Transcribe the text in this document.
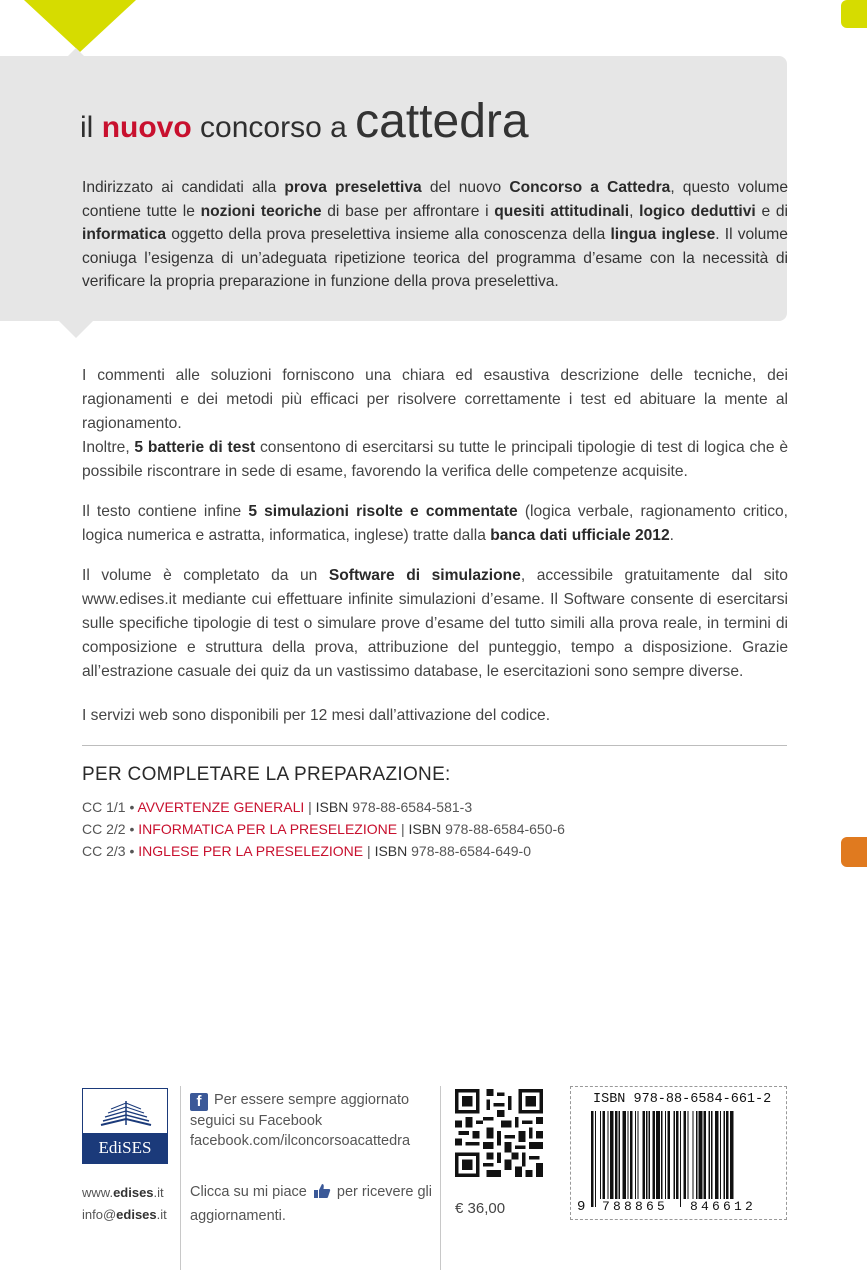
il nuovo concorso a cattedra

Indirizzato ai candidati alla prova preselettiva del nuovo Concorso a Cattedra, questo volume contiene tutte le nozioni teoriche di base per affrontare i quesiti attitudinali, logico deduttivi e di informatica oggetto della prova preselettiva insieme alla conoscenza della lingua inglese. Il volume coniuga l’esigenza di un’adeguata ripetizione teorica del programma d’esame con la necessità di verificare la propria preparazione in funzione della prova preselettiva.

I commenti alle soluzioni forniscono una chiara ed esaustiva descrizione delle tecniche, dei ragionamenti e dei metodi più efficaci per risolvere correttamente i test ed abituare la mente al ragionamento.
Inoltre, 5 batterie di test consentono di esercitarsi su tutte le principali tipologie di test di logica che è possibile riscontrare in sede di esame, favorendo la verifica delle competenze acquisite.

Il testo contiene infine 5 simulazioni risolte e commentate (logica verbale, ragionamento critico, logica numerica e astratta, informatica, inglese) tratte dalla banca dati ufficiale 2012.

Il volume è completato da un Software di simulazione, accessibile gratuitamente dal sito www.edises.it mediante cui effettuare infinite simulazioni d’esame. Il Software consente di esercitarsi sulle specifiche tipologie di test o simulare prove d’esame del tutto simili alla prova reale, in termini di composizione e struttura della prova, attribuzione del punteggio, tempo a disposizione. Grazie all’estrazione casuale dei quiz da un vastissimo database, le esercitazioni sono sempre diverse.

I servizi web sono disponibili per 12 mesi dall’attivazione del codice.

PER COMPLETARE LA PREPARAZIONE:
CC 1/1 • AVVERTENZE GENERALI | ISBN 978-88-6584-581-3
CC 2/2 • INFORMATICA PER LA PRESELEZIONE | ISBN 978-88-6584-650-6
CC 2/3 • INGLESE PER LA PRESELEZIONE | ISBN 978-88-6584-649-0
EdiSES
www.edises.it
info@edises.it
f Per essere sempre aggiornato
seguici su Facebook
facebook.com/ilconcorsoacattedra
Clicca su mi piace per ricevere gli
aggiornamenti.	€ 36,00
ISBN 978-88-6584-661-2
9 788865 846612
